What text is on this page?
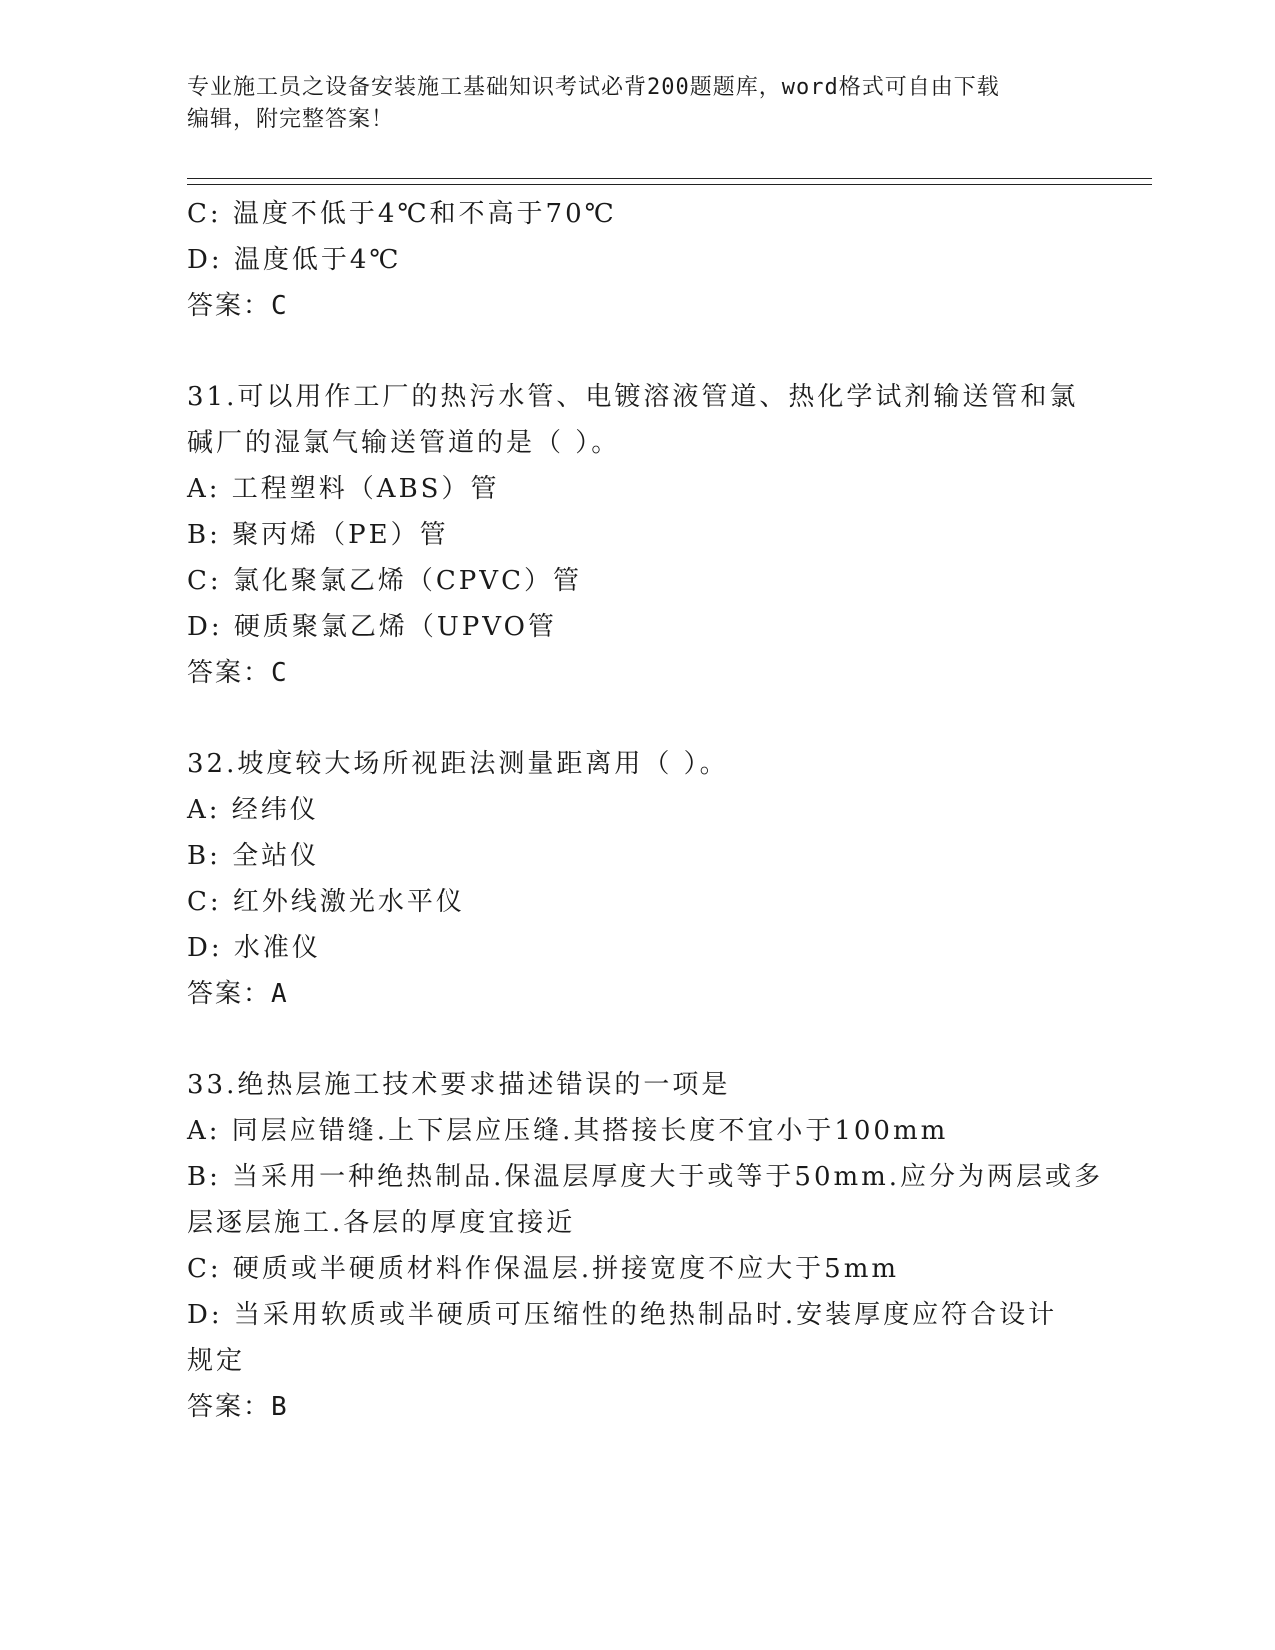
专业施工员之设备安装施工基础知识考试必背200题题库，word格式可自由下载
编辑，附完整答案！
C: 温度不低于4℃和不高于70℃
D: 温度低于4℃
答案：C
31.可以用作工厂的热污水管、电镀溶液管道、热化学试剂输送管和氯
碱厂的湿氯气输送管道的是（ ）。
A: 工程塑料（ABS）管
B: 聚丙烯（PE）管
C: 氯化聚氯乙烯（CPVC）管
D: 硬质聚氯乙烯（UPVO管
答案：C
32.坡度较大场所视距法测量距离用（ ）。
A: 经纬仪
B: 全站仪
C: 红外线激光水平仪
D: 水准仪
答案：A
33.绝热层施工技术要求描述错误的一项是
A: 同层应错缝.上下层应压缝.其搭接长度不宜小于100mm
B: 当采用一种绝热制品.保温层厚度大于或等于50mm.应分为两层或多
层逐层施工.各层的厚度宜接近
C: 硬质或半硬质材料作保温层.拼接宽度不应大于5mm
D: 当采用软质或半硬质可压缩性的绝热制品时.安装厚度应符合设计
规定
答案：B
